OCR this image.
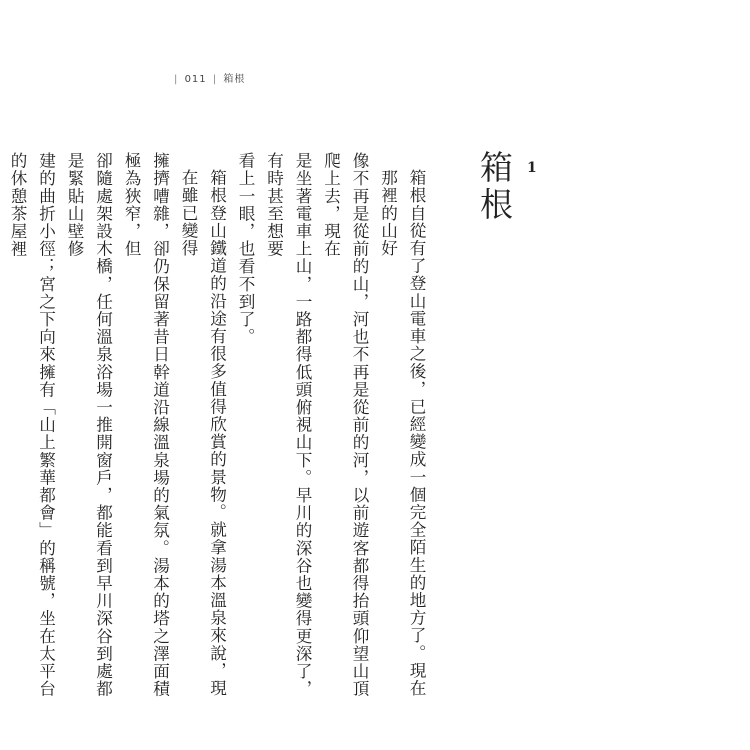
| 011 | 箱根
1
箱根
箱根自從有了登山電車之後，已經變成一個完全陌生的地方了。現在那裡的山好
像不再是從前的山，河也不再是從前的河，以前遊客都得抬頭仰望山頂爬上去，現在
是坐著電車上山，一路都得低頭俯視山下。早川的深谷也變得更深了，有時甚至想要
看上一眼，也看不到了。
箱根登山鐵道的沿途有很多值得欣賞的景物。就拿湯本溫泉來說，現在雖已變得
擁擠嘈雜，卻仍保留著昔日幹道沿線溫泉場的氣氛。湯本的塔之澤面積極為狹窄，但
卻隨處架設木橋，任何溫泉浴場一推開窗戶，都能看到早川深谷到處都是緊貼山壁修
建的曲折小徑；宮之下向來擁有「山上繁華都會」的稱號，坐在太平台的休憩茶屋裡
